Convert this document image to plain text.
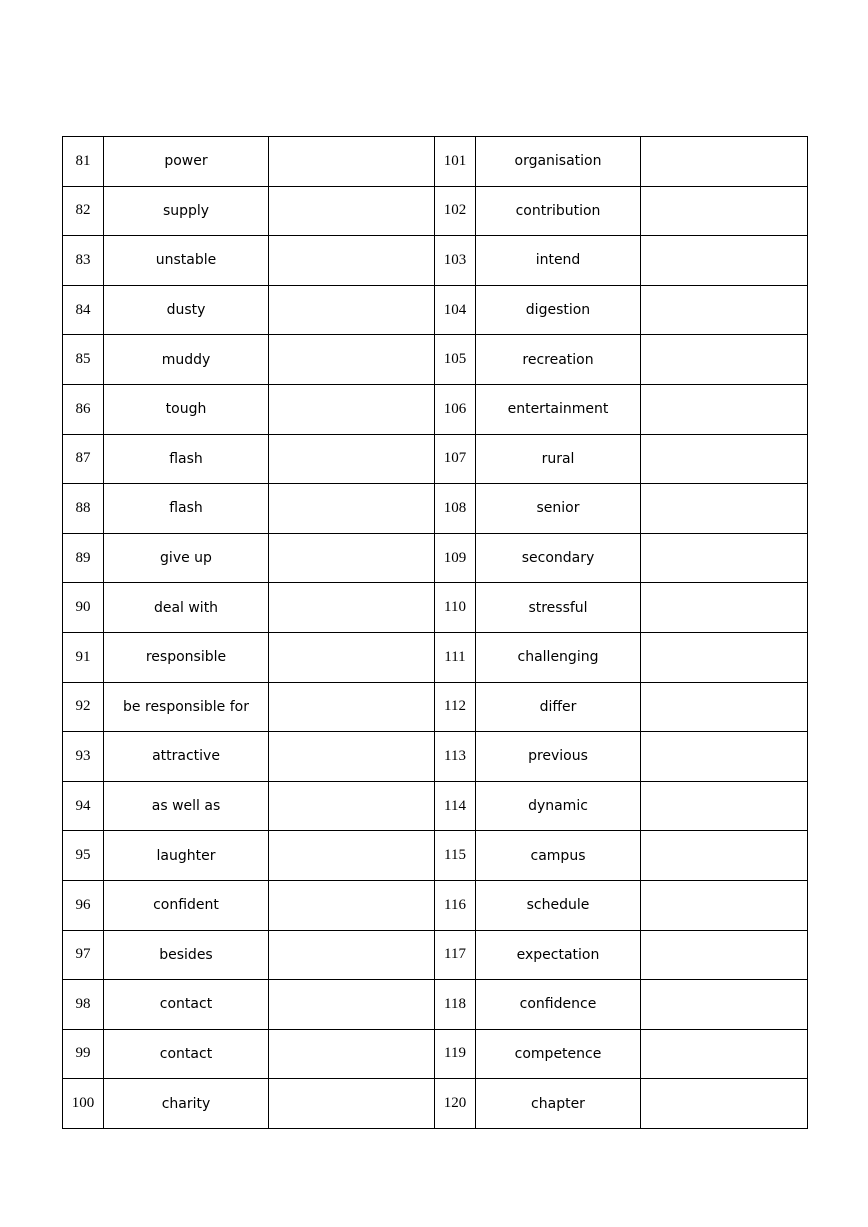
81	power		101	organisation	
82	supply		102	contribution	
83	unstable		103	intend	
84	dusty		104	digestion	
85	muddy		105	recreation	
86	tough		106	entertainment	
87	flash		107	rural	
88	flash		108	senior	
89	give up		109	secondary	
90	deal with		110	stressful	
91	responsible		111	challenging	
92	be responsible for		112	differ	
93	attractive		113	previous	
94	as well as		114	dynamic	
95	laughter		115	campus	
96	confident		116	schedule	
97	besides		117	expectation	
98	contact		118	confidence	
99	contact		119	competence	
100	charity		120	chapter	
